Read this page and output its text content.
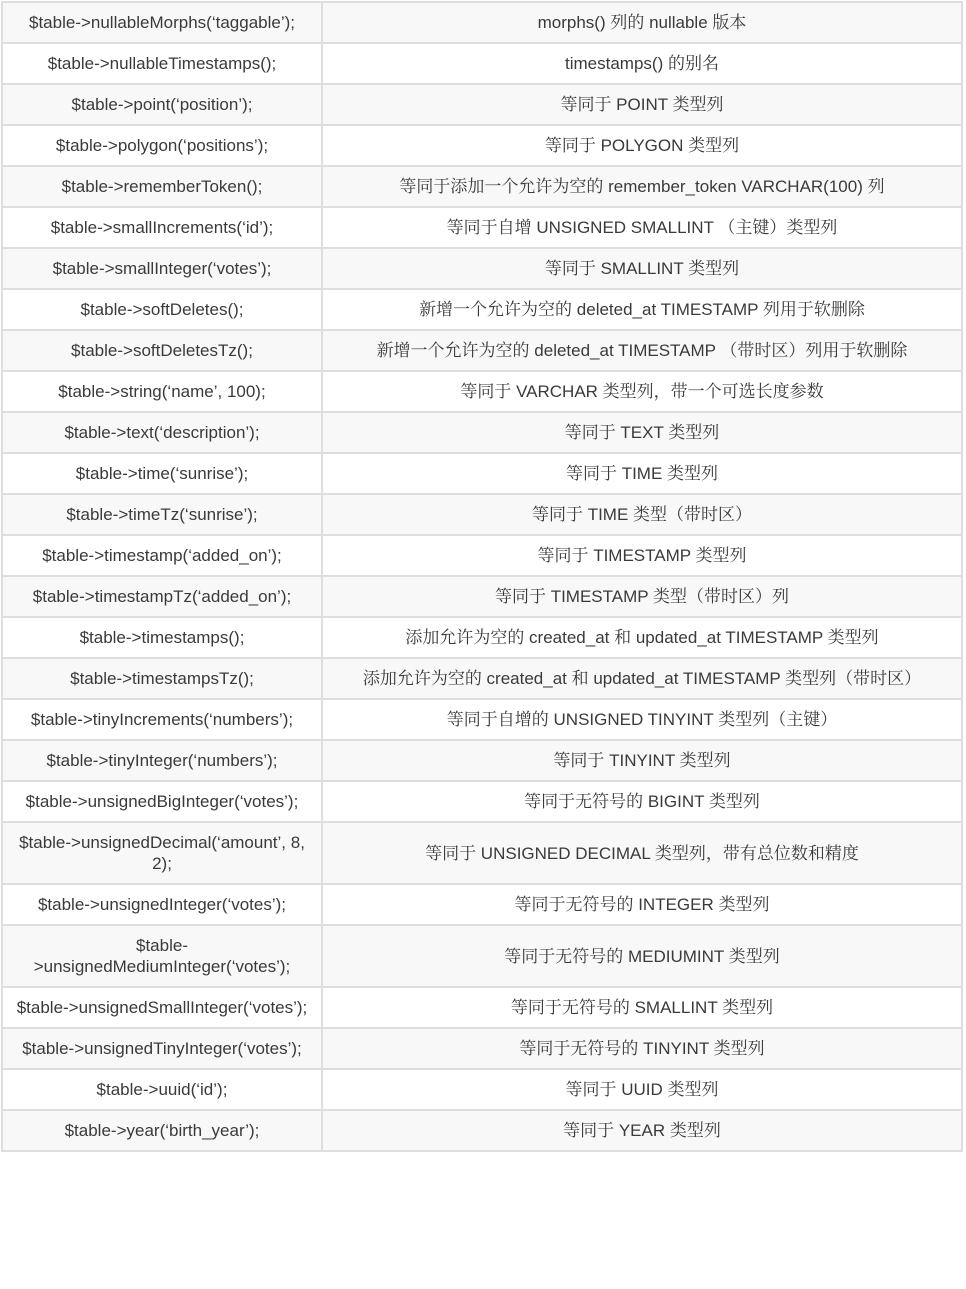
$table->nullableMorphs(‘taggable’);	morphs() 列的 nullable 版本
$table->nullableTimestamps();	timestamps() 的别名
$table->point(‘position’);	等同于 POINT 类型列
$table->polygon(‘positions’);	等同于 POLYGON 类型列
$table->rememberToken();	等同于添加一个允许为空的 remember_token VARCHAR(100) 列
$table->smallIncrements(‘id’);	等同于自增 UNSIGNED SMALLINT （主键）类型列
$table->smallInteger(‘votes’);	等同于 SMALLINT 类型列
$table->softDeletes();	新增一个允许为空的 deleted_at TIMESTAMP 列用于软删除
$table->softDeletesTz();	新增一个允许为空的 deleted_at TIMESTAMP （带时区）列用于软删除
$table->string(‘name’, 100);	等同于 VARCHAR 类型列，带一个可选长度参数
$table->text(‘description’);	等同于 TEXT 类型列
$table->time(‘sunrise’);	等同于 TIME 类型列
$table->timeTz(‘sunrise’);	等同于 TIME 类型（带时区）
$table->timestamp(‘added_on’);	等同于 TIMESTAMP 类型列
$table->timestampTz(‘added_on’);	等同于 TIMESTAMP 类型（带时区）列
$table->timestamps();	添加允许为空的 created_at 和 updated_at TIMESTAMP 类型列
$table->timestampsTz();	添加允许为空的 created_at 和 updated_at TIMESTAMP 类型列（带时区）
$table->tinyIncrements(‘numbers’);	等同于自增的 UNSIGNED TINYINT 类型列（主键）
$table->tinyInteger(‘numbers’);	等同于 TINYINT 类型列
$table->unsignedBigInteger(‘votes’);	等同于无符号的 BIGINT 类型列
$table->unsignedDecimal(‘amount’, 8, 2);	等同于 UNSIGNED DECIMAL 类型列，带有总位数和精度
$table->unsignedInteger(‘votes’);	等同于无符号的 INTEGER 类型列
$table->unsignedMediumInteger(‘votes’);	等同于无符号的 MEDIUMINT 类型列
$table->unsignedSmallInteger(‘votes’);	等同于无符号的 SMALLINT 类型列
$table->unsignedTinyInteger(‘votes’);	等同于无符号的 TINYINT 类型列
$table->uuid(‘id’);	等同于 UUID 类型列
$table->year(‘birth_year’);	等同于 YEAR 类型列
